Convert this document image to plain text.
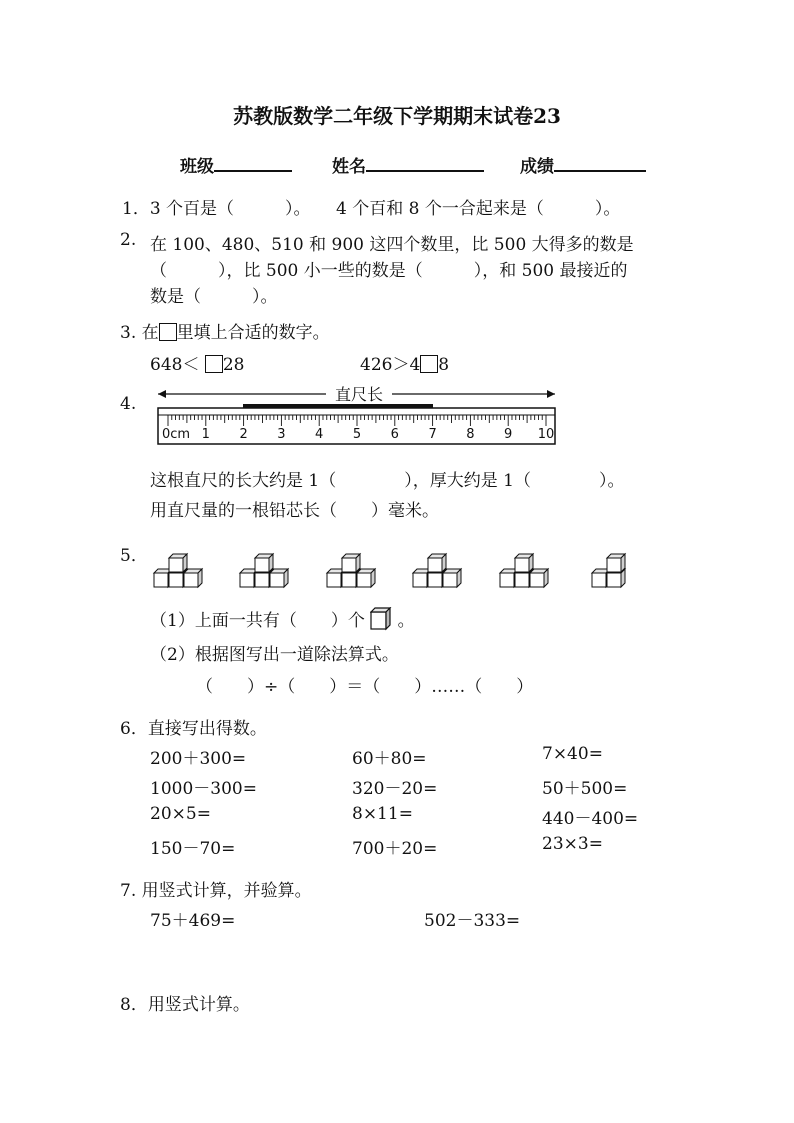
苏教版数学二年级下学期期末试卷23
班级	姓名	成绩
1．3 个百是（　　　）。　　4 个百和 8 个一合起来是（　　　）。
2. 在 100、480、510 和 900 这四个数里，比 500 大得多的数是
（　　　），比 500 小一些的数是（　　　），和 500 最接近的
数是（　　　）。
3. 在 里填上合适的数字。
648＜ 28	426＞4 8
4.	直尺长
0cm 1 2 3 4 5 6 7 8 9 10
这根直尺的长大约是 1（　　　　），厚大约是 1（　　　　）。
用直尺量的一根铅芯长（　　）毫米。
5．
（1）上面一共有（　　）个 。
（2）根据图写出一道除法算式。
（　　）÷（　　）＝（　　）……（　　）
6．直接写出得数。
200＋300=	60＋80=	7×40=
1000－300=	320－20=	50＋500=
20×5=	8×11=	440－400=
150－70=	700＋20=	23×3=
7. 用竖式计算，并验算。
75＋469=	502－333=
8．用竖式计算。
